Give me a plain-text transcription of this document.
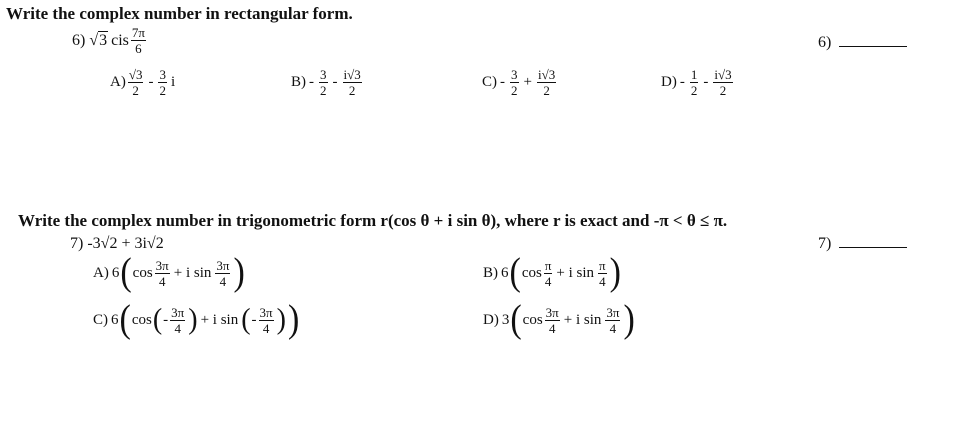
Write the complex number in rectangular form.
6) √3 cis $\frac{7\pi}{6}$	6)
$A) \frac{√3}{2} - \frac{3}{2}$ i	$B) - \frac{3}{2} - \frac{i√3}{2}$	$C) - \frac{3}{2} + \frac{i√3}{2}$	$D) - \frac{1}{2} - \frac{i√3}{2}$
Write the complex number in trigonometric form r(cos θ + i sin θ), where r is exact and -π < θ ≤ π.
7) -3√2 + 3i√2	7)
A) 6 ( $\cos \frac{3\pi}{4} + i$ $\sin \frac{3\pi}{4}$ )	B) 6 ( $\cos \frac{\pi}{4} + i$ $\sin \frac{\pi}{4}$ )
C) 6 ( cos ( - $\frac{3\pi}{4}$ ) + i sin ( - $\frac{3\pi}{4}$ ) )	D) 3 ( $\cos \frac{3\pi}{4} + i$ $\sin \frac{3\pi}{4}$ )
